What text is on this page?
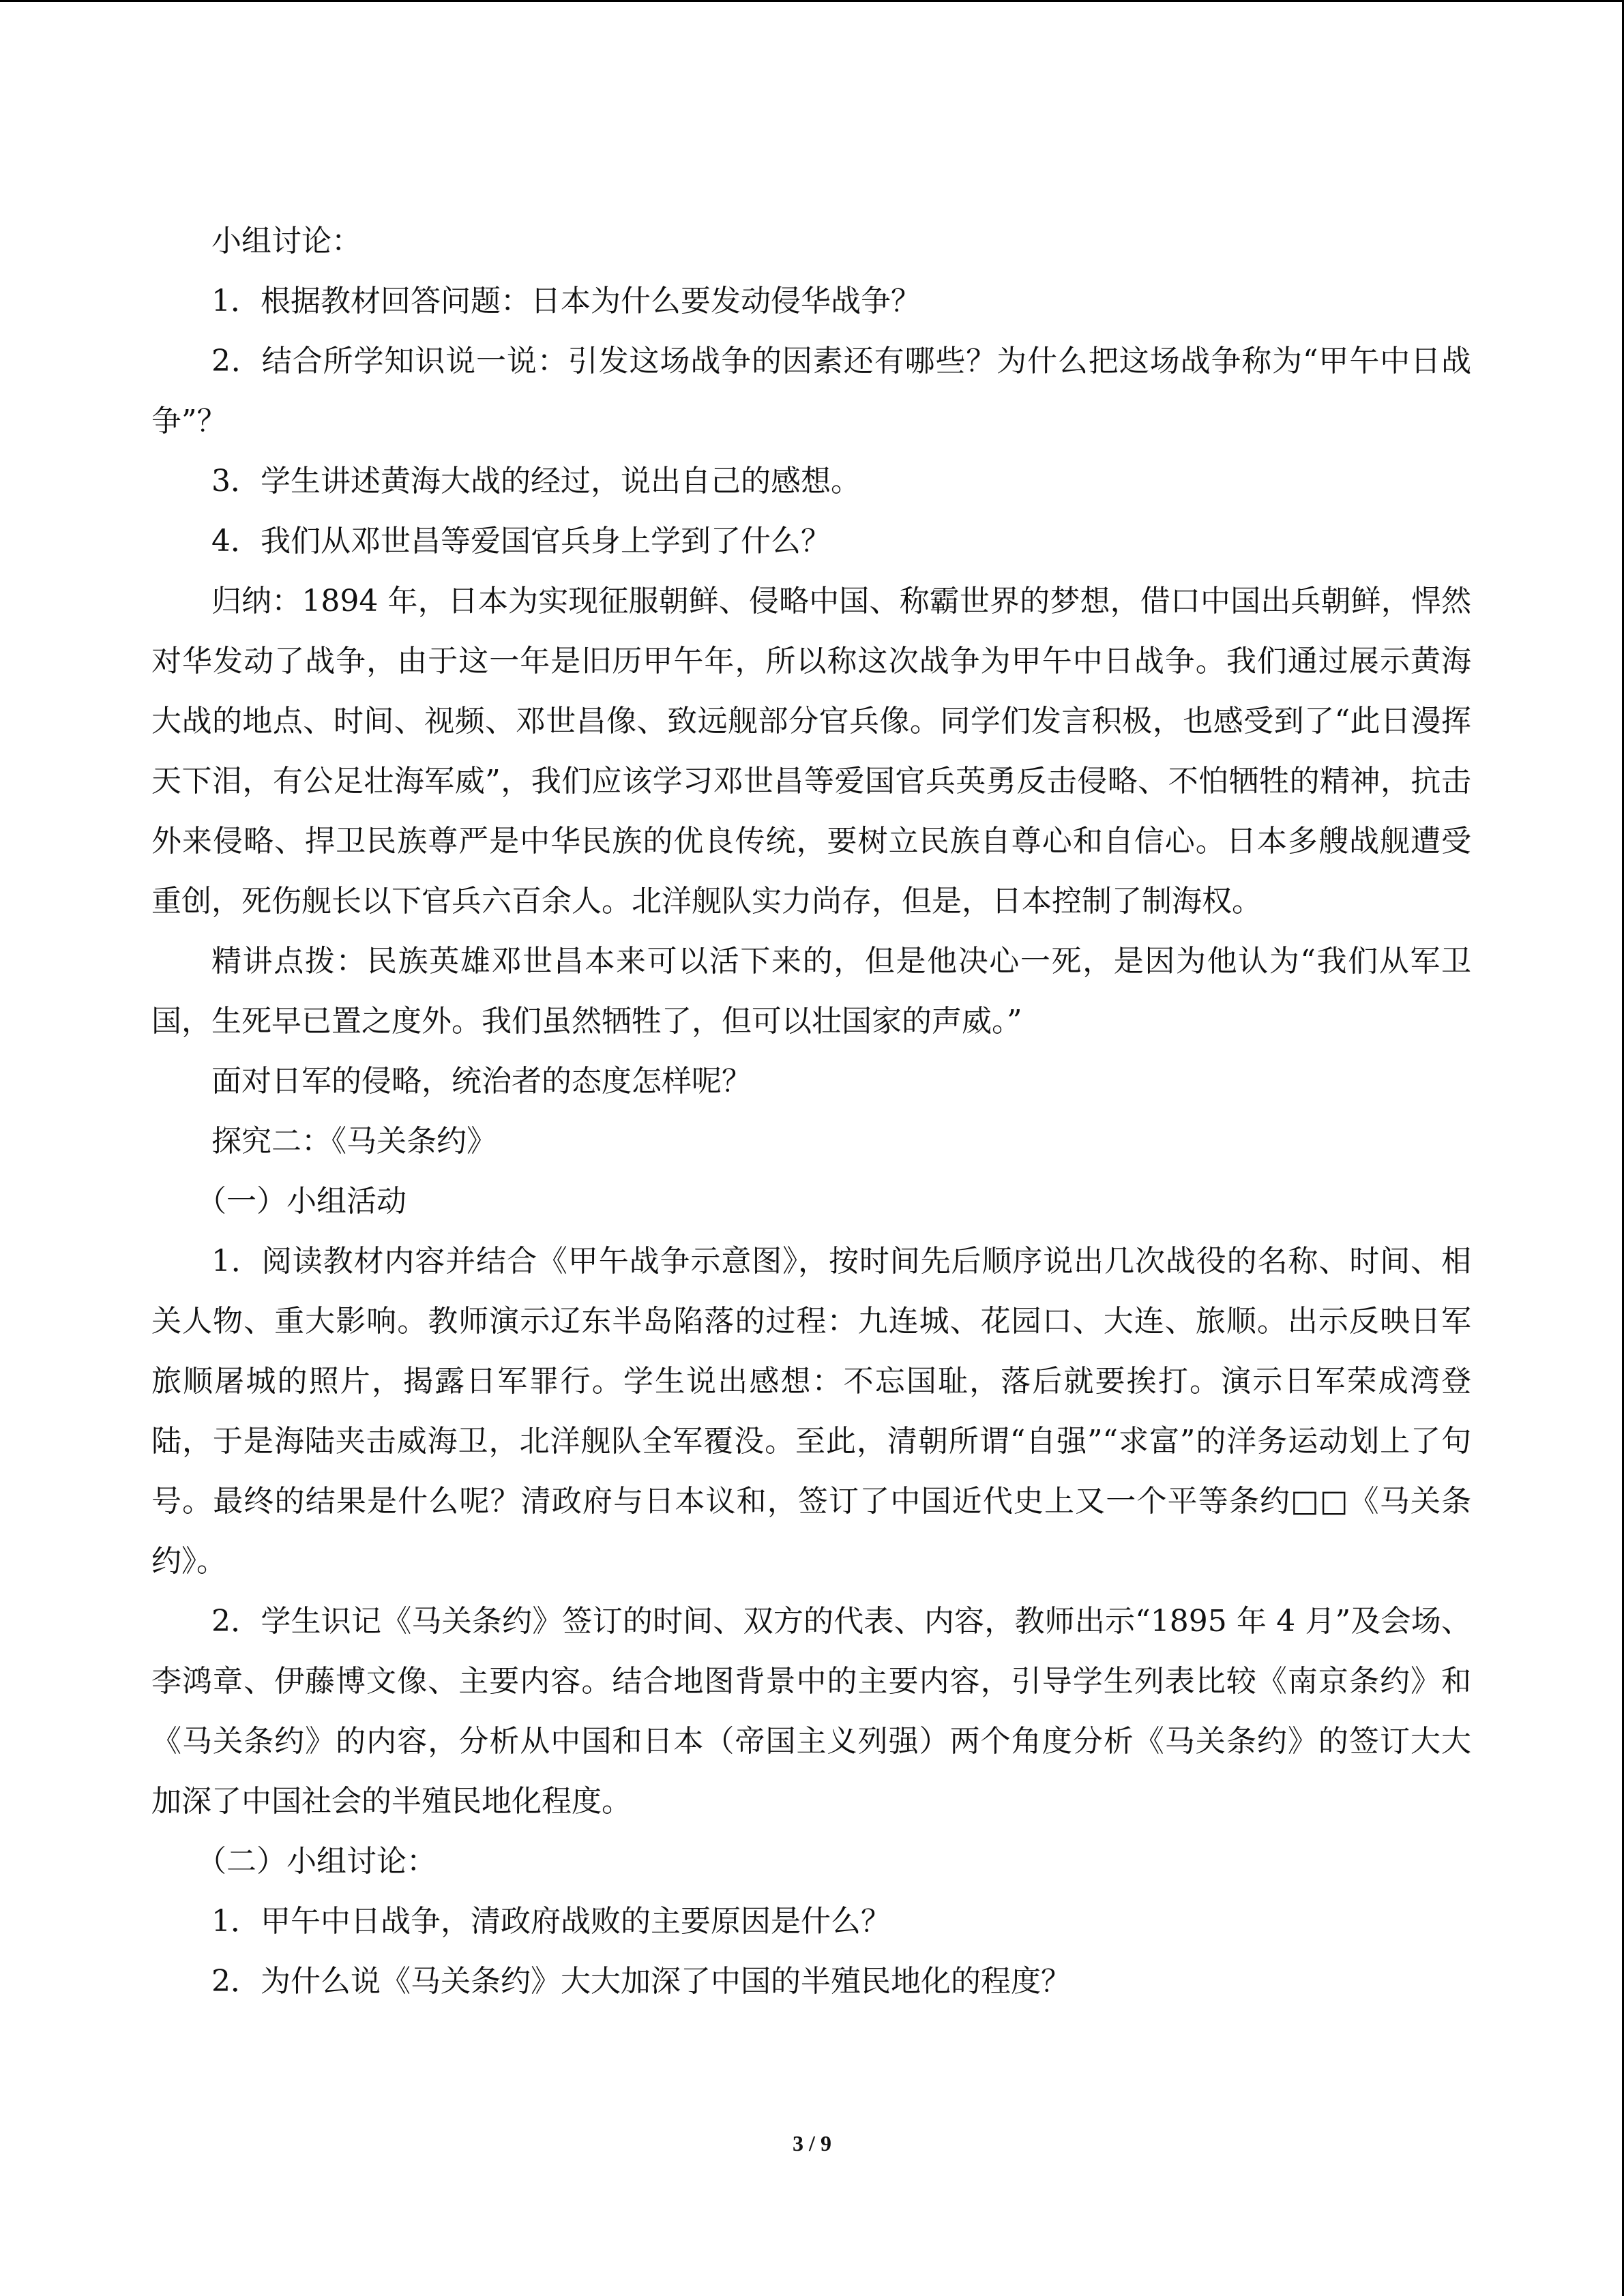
小组讨论：

1．根据教材回答问题：日本为什么要发动侵华战争？

2．结合所学知识说一说：引发这场战争的因素还有哪些？为什么把这场战争称为“甲午中日战争”？

3．学生讲述黄海大战的经过，说出自己的感想。

4．我们从邓世昌等爱国官兵身上学到了什么？

归纳：1894 年，日本为实现征服朝鲜、侵略中国、称霸世界的梦想，借口中国出兵朝鲜，悍然对华发动了战争，由于这一年是旧历甲午年，所以称这次战争为甲午中日战争。我们通过展示黄海大战的地点、时间、视频、邓世昌像、致远舰部分官兵像。同学们发言积极，也感受到了“此日漫挥天下泪，有公足壮海军威”，我们应该学习邓世昌等爱国官兵英勇反击侵略、不怕牺牲的精神，抗击外来侵略、捍卫民族尊严是中华民族的优良传统，要树立民族自尊心和自信心。日本多艘战舰遭受重创，死伤舰长以下官兵六百余人。北洋舰队实力尚存，但是，日本控制了制海权。

精讲点拨：民族英雄邓世昌本来可以活下来的，但是他决心一死，是因为他认为“我们从军卫国，生死早已置之度外。我们虽然牺牲了，但可以壮国家的声威。”

面对日军的侵略，统治者的态度怎样呢？

探究二：《马关条约》

（一）小组活动

1．阅读教材内容并结合《甲午战争示意图》，按时间先后顺序说出几次战役的名称、时间、相关人物、重大影响。教师演示辽东半岛陷落的过程：九连城、花园口、大连、旅顺。出示反映日军旅顺屠城的照片，揭露日军罪行。学生说出感想：不忘国耻，落后就要挨打。演示日军荣成湾登陆，于是海陆夹击威海卫，北洋舰队全军覆没。至此，清朝所谓“自强”“求富”的洋务运动划上了句号。最终的结果是什么呢？清政府与日本议和，签订了中国近代史上又一个平等条约□□《马关条约》。

2．学生识记《马关条约》签订的时间、双方的代表、内容，教师出示“1895 年 4 月”及会场、李鸿章、伊藤博文像、主要内容。结合地图背景中的主要内容，引导学生列表比较《南京条约》和《马关条约》的内容，分析从中国和日本（帝国主义列强）两个角度分析《马关条约》的签订大大加深了中国社会的半殖民地化程度。

（二）小组讨论：

1．甲午中日战争，清政府战败的主要原因是什么？

2．为什么说《马关条约》大大加深了中国的半殖民地化的程度？

3 / 9
